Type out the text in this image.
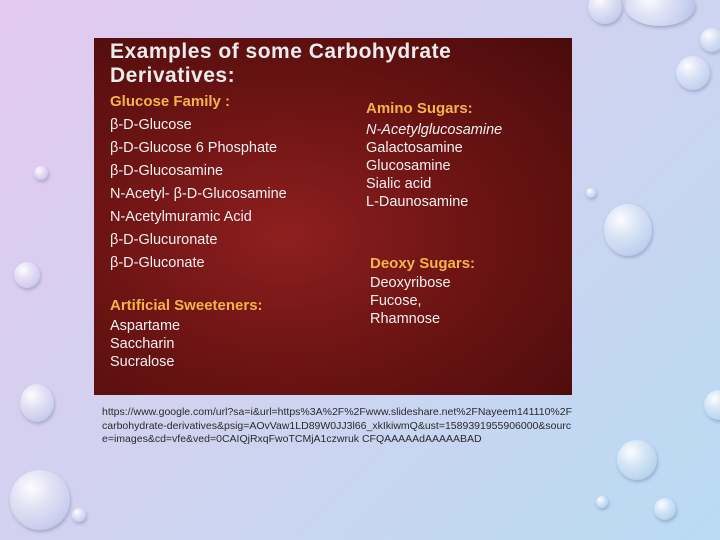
Examples of some Carbohydrate Derivatives:
Glucose Family :
β-D-Glucose
β-D-Glucose 6 Phosphate
β-D-Glucosamine
N-Acetyl- β-D-Glucosamine
N-Acetylmuramic Acid
β-D-Glucuronate
β-D-Gluconate
Amino Sugars:
N-Acetylglucosamine
Galactosamine
Glucosamine
Sialic acid
L-Daunosamine
Deoxy Sugars:
Deoxyribose
Fucose,
Rhamnose
Artificial Sweeteners:
Aspartame
Saccharin
Sucralose

https://www.google.com/url?sa=i&url=https%3A%2F%2Fwww.slideshare.net%2FNayeem141110%2Fcarbohydrate-derivatives&psig=AOvVaw1LD89W0JJ3l66_xkIkiwmQ&ust=1589391955906000&source=images&cd=vfe&ved=0CAIQjRxqFwoTCMjA1czwruk CFQAAAAAdAAAAABAD
